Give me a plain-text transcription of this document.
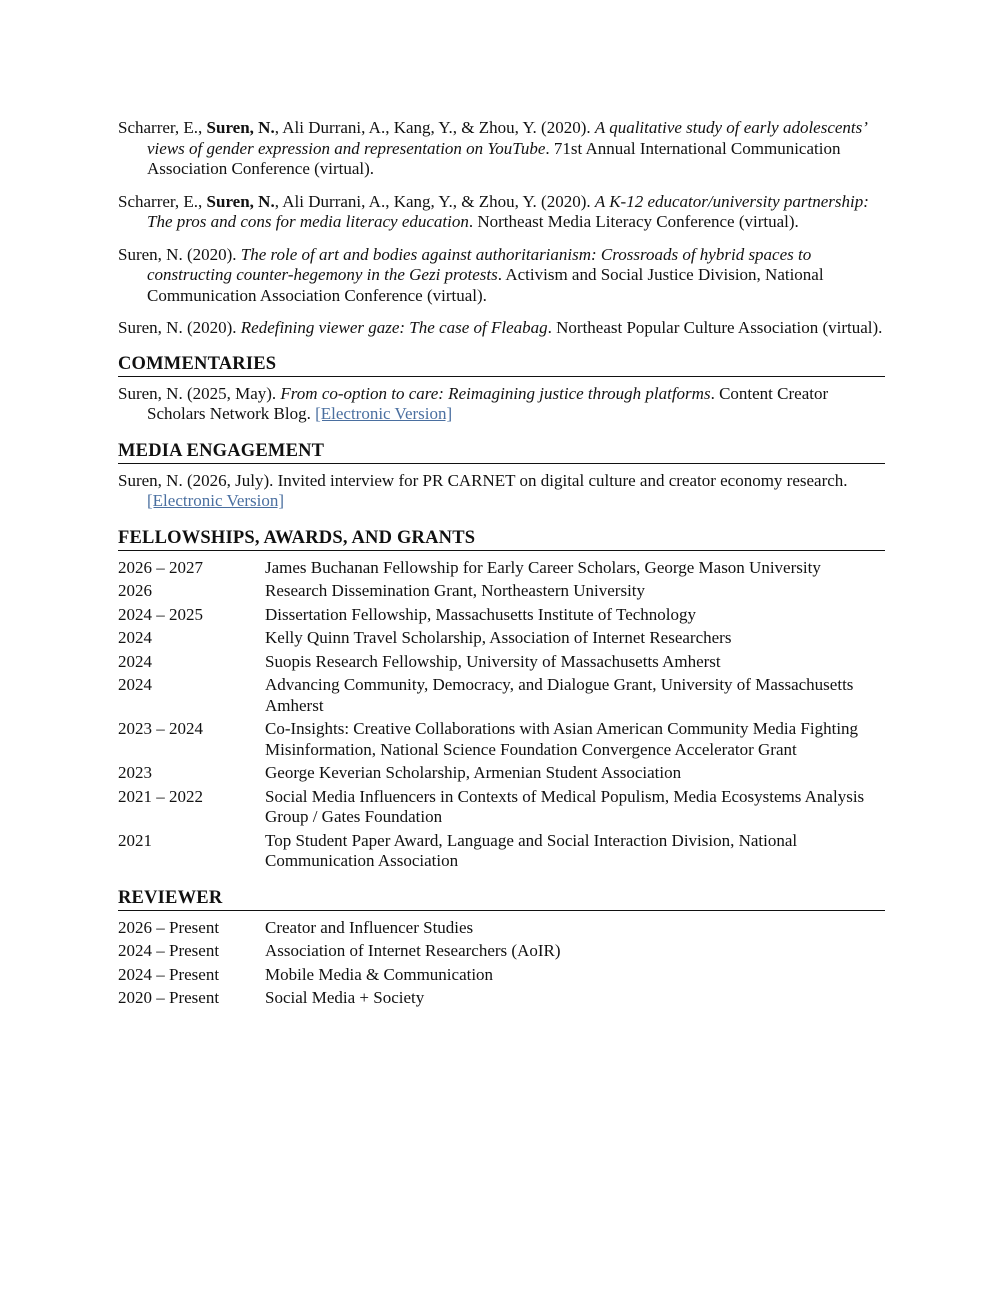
Scharrer, E., Suren, N., Ali Durrani, A., Kang, Y., & Zhou, Y. (2020). A qualitative study of early adolescents’ views of gender expression and representation on YouTube. 71st Annual International Communication Association Conference (virtual).

Scharrer, E., Suren, N., Ali Durrani, A., Kang, Y., & Zhou, Y. (2020). A K-12 educator/university partnership: The pros and cons for media literacy education. Northeast Media Literacy Conference (virtual).

Suren, N. (2020). The role of art and bodies against authoritarianism: Crossroads of hybrid spaces to constructing counter-hegemony in the Gezi protests. Activism and Social Justice Division, National Communication Association Conference (virtual).

Suren, N. (2020). Redefining viewer gaze: The case of Fleabag. Northeast Popular Culture Association (virtual).

COMMENTARIES

Suren, N. (2025, May). From co-option to care: Reimagining justice through platforms. Content Creator Scholars Network Blog. [Electronic Version]

MEDIA ENGAGEMENT

Suren, N. (2026, July). Invited interview for PR CARNET on digital culture and creator economy research. [Electronic Version]

FELLOWSHIPS, AWARDS, AND GRANTS
2026 – 2027	James Buchanan Fellowship for Early Career Scholars, George Mason University
2026	Research Dissemination Grant, Northeastern University
2024 – 2025	Dissertation Fellowship, Massachusetts Institute of Technology
2024	Kelly Quinn Travel Scholarship, Association of Internet Researchers
2024	Suopis Research Fellowship, University of Massachusetts Amherst
2024	Advancing Community, Democracy, and Dialogue Grant, University of Massachusetts Amherst
2023 – 2024	Co-Insights: Creative Collaborations with Asian American Community Media Fighting Misinformation, National Science Foundation Convergence Accelerator Grant
2023	George Keverian Scholarship, Armenian Student Association
2021 – 2022	Social Media Influencers in Contexts of Medical Populism, Media Ecosystems Analysis Group / Gates Foundation
2021	Top Student Paper Award, Language and Social Interaction Division, National Communication Association
REVIEWER
2026 – Present	Creator and Influencer Studies
2024 – Present	Association of Internet Researchers (AoIR)
2024 – Present	Mobile Media & Communication
2020 – Present	Social Media + Society
